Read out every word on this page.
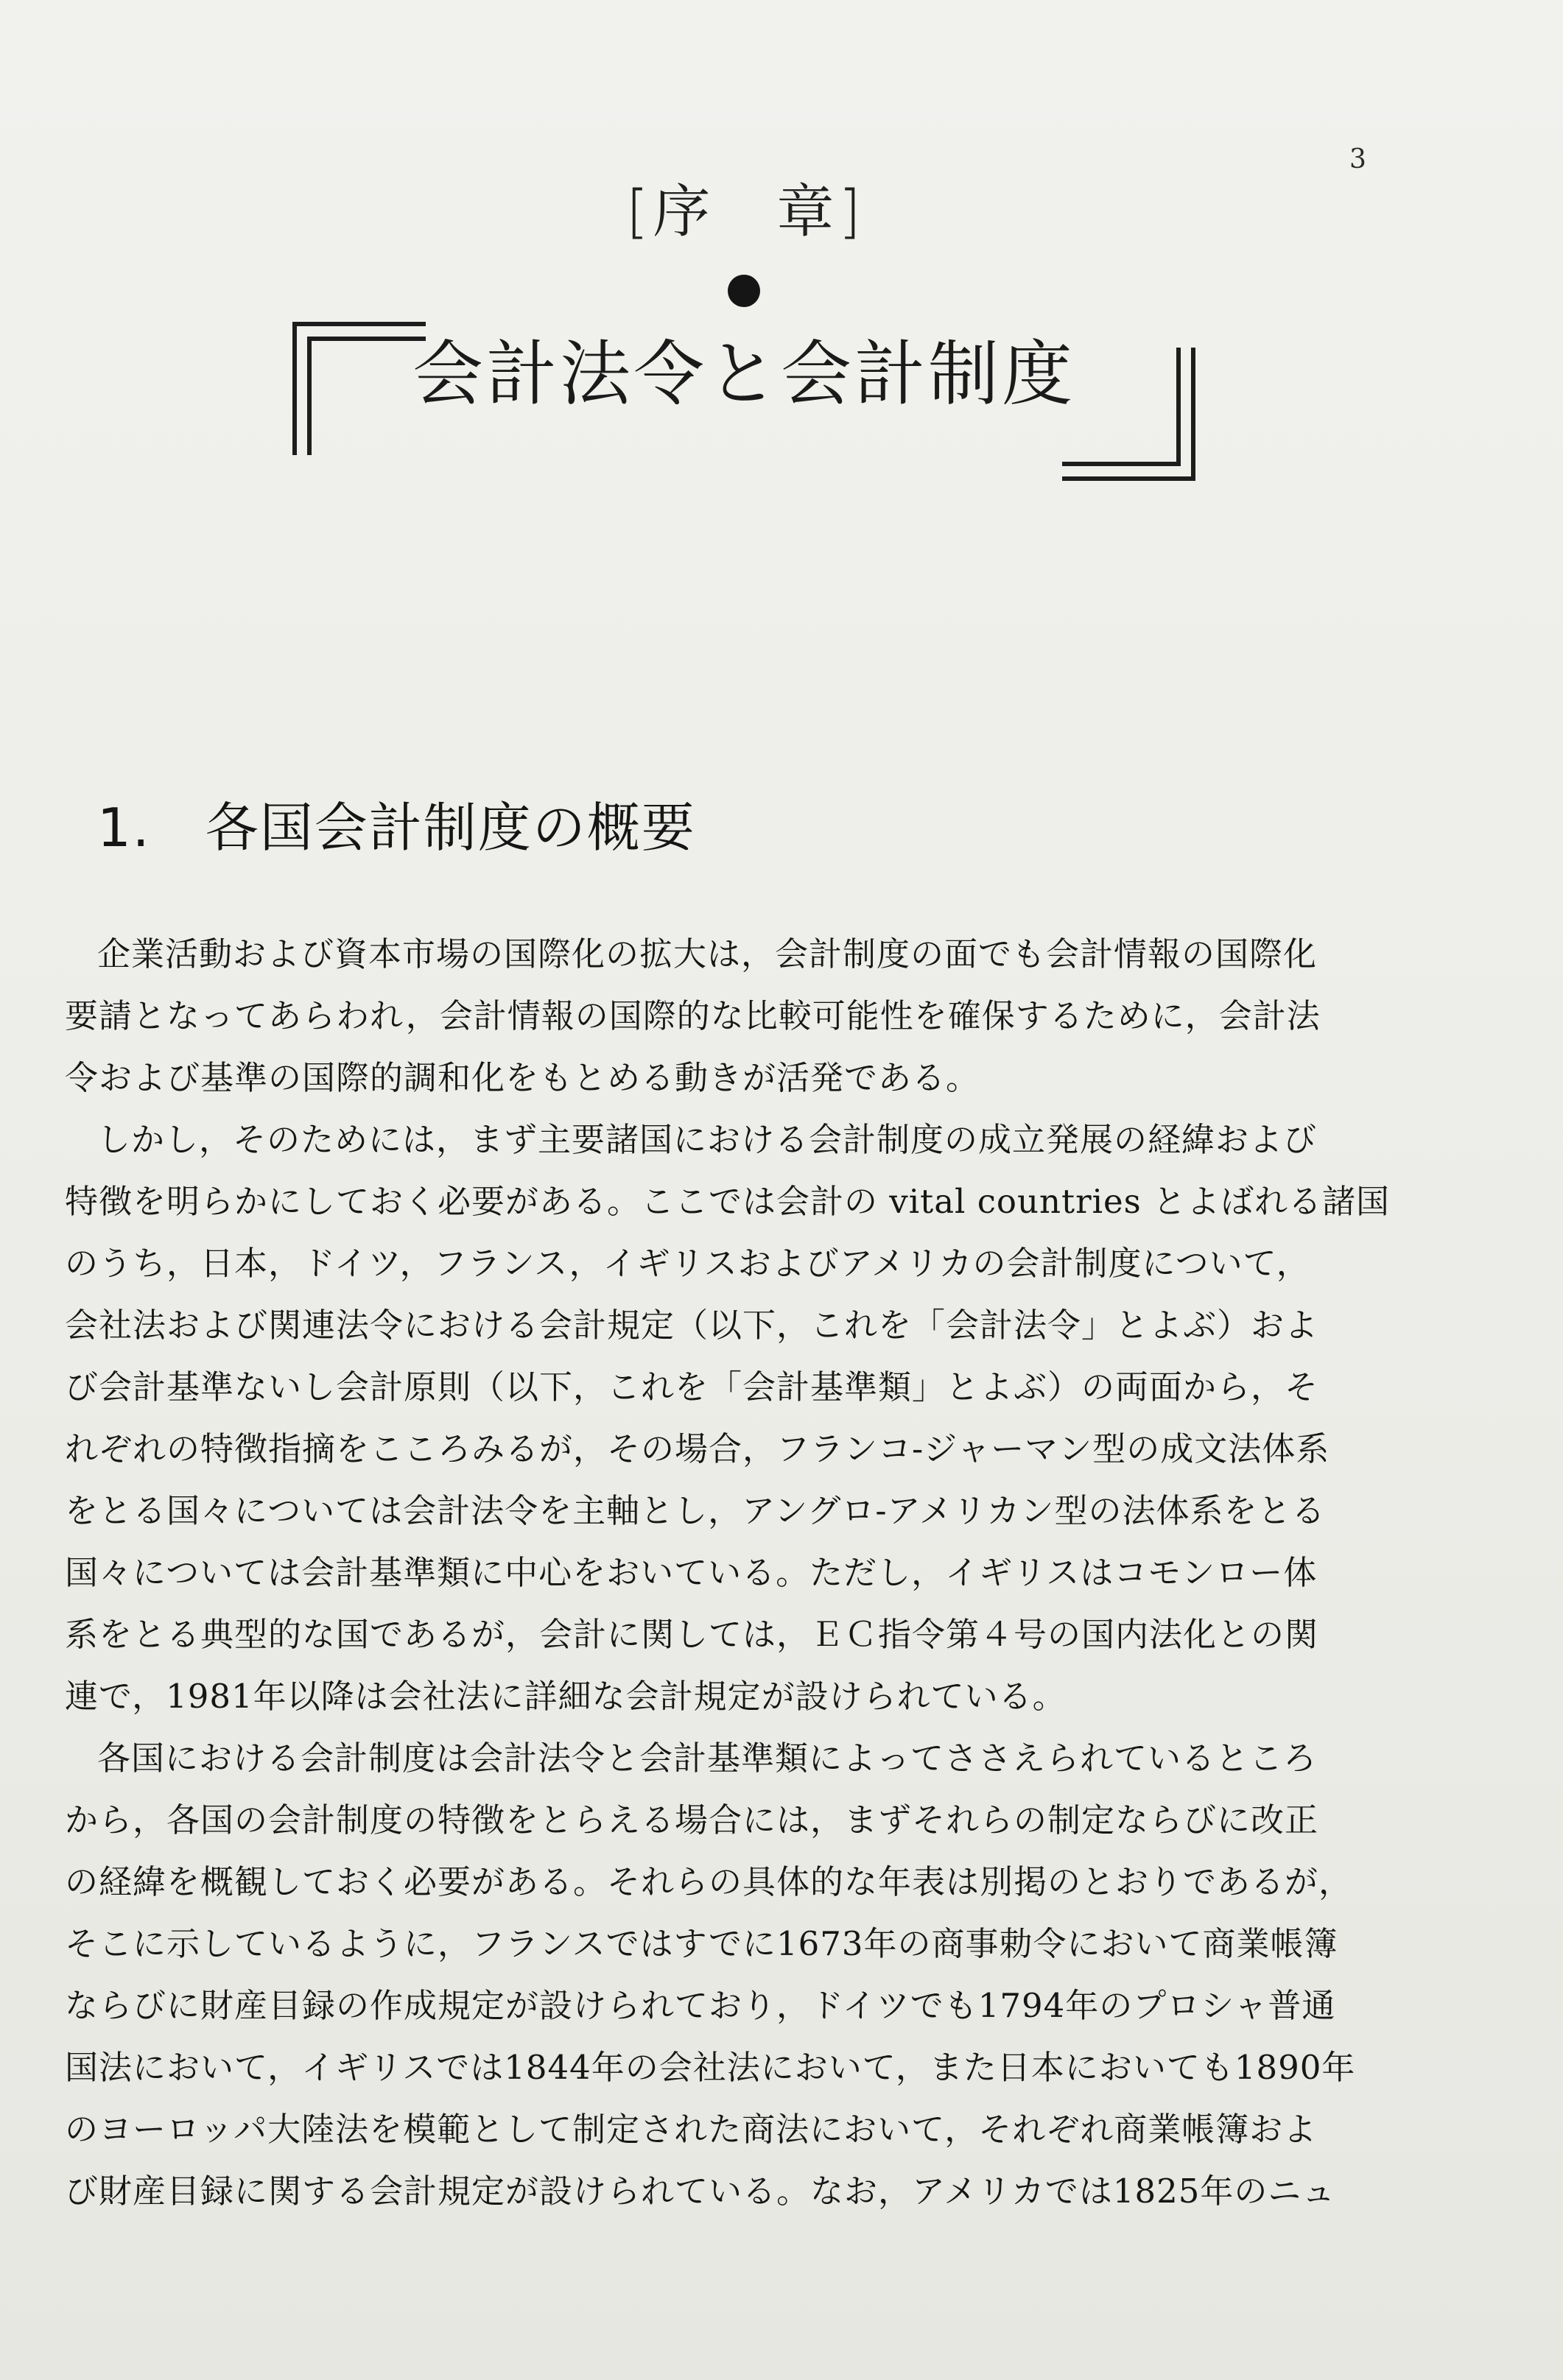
3
[序　章]
会計法令と会計制度
1.　各国会計制度の概要
企業活動および資本市場の国際化の拡大は，会計制度の面でも会計情報の国際化
要請となってあらわれ，会計情報の国際的な比較可能性を確保するために，会計法
令および基準の国際的調和化をもとめる動きが活発である。
しかし，そのためには，まず主要諸国における会計制度の成立発展の経緯および
特徴を明らかにしておく必要がある。ここでは会計の vital countries とよばれる諸国
のうち，日本，ドイツ，フランス，イギリスおよびアメリカの会計制度について，
会社法および関連法令における会計規定（以下，これを「会計法令」とよぶ）およ
び会計基準ないし会計原則（以下，これを「会計基準類」とよぶ）の両面から，そ
れぞれの特徴指摘をこころみるが，その場合，フランコ-ジャーマン型の成文法体系
をとる国々については会計法令を主軸とし，アングロ-アメリカン型の法体系をとる
国々については会計基準類に中心をおいている。ただし，イギリスはコモンロー体
系をとる典型的な国であるが，会計に関しては，ＥＣ指令第４号の国内法化との関
連で，1981年以降は会社法に詳細な会計規定が設けられている。
各国における会計制度は会計法令と会計基準類によってささえられているところ
から，各国の会計制度の特徴をとらえる場合には，まずそれらの制定ならびに改正
の経緯を概観しておく必要がある。それらの具体的な年表は別掲のとおりであるが，
そこに示しているように，フランスではすでに1673年の商事勅令において商業帳簿
ならびに財産目録の作成規定が設けられており，ドイツでも1794年のプロシャ普通
国法において，イギリスでは1844年の会社法において，また日本においても1890年
のヨーロッパ大陸法を模範として制定された商法において，それぞれ商業帳簿およ
び財産目録に関する会計規定が設けられている。なお，アメリカでは1825年のニュ
